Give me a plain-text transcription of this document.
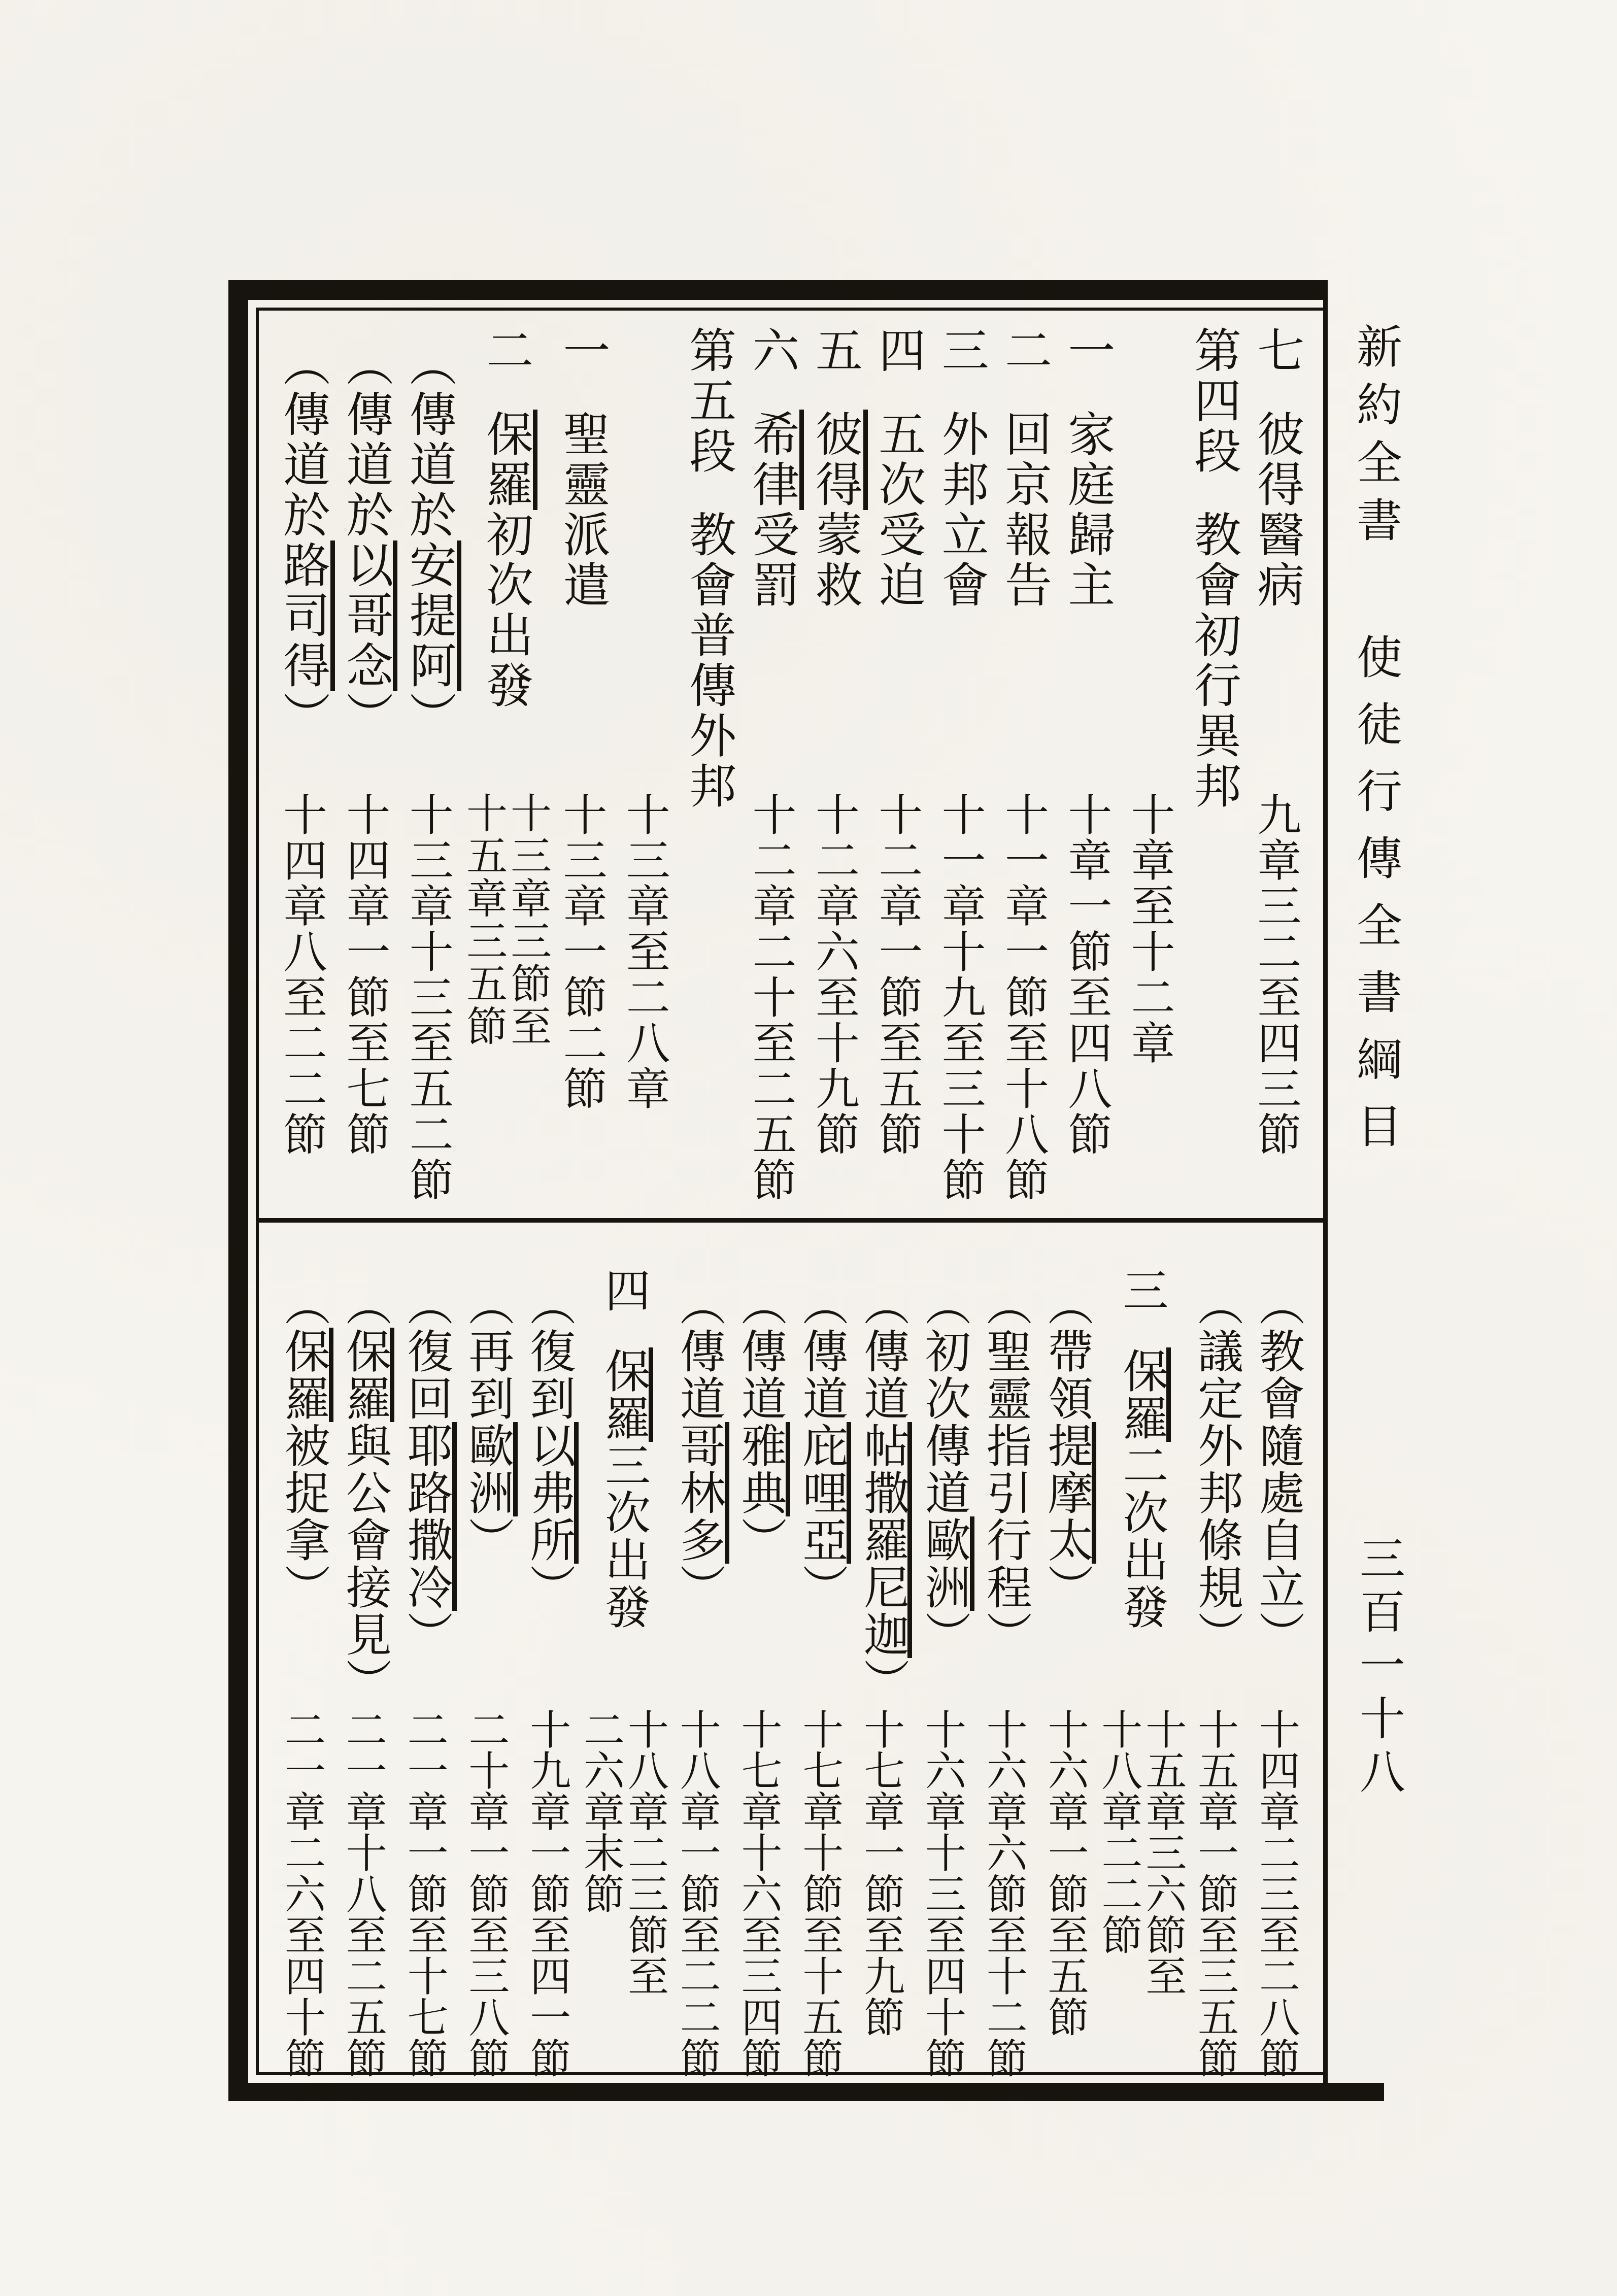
新約全書使徒行傳全書綱目
三百一十八
七彼得醫病
九章三二至四三節
第四段教會初行異邦
十章至十二章
一家庭歸主
十章一節至四八節
二回京報告
十一章一節至十八節
三外邦立會
十一章十九至三十節
四五次受迫
十二章一節至五節
五彼得蒙救
十二章六至十九節
六希律受罰
十二章二十至二五節
第五段教會普傳外邦
十三章至二八章
一聖靈派遣
十三章一節二節
二保羅初次出發
十三章三節至
十五章三五節
（傳道於安提阿）
十三章十三至五二節
（傳道於以哥念）
十四章一節至七節
（傳道於路司得）
十四章八至二二節
（教會隨處自立）
十四章二三至二八節
（議定外邦條規）
十五章一節至三五節
三保羅二次出發
十五章三六節至
十八章二二節
（帶領提摩太）
十六章一節至五節
（聖靈指引行程）
十六章六節至十二節
（初次傳道歐洲）
十六章十三至四十節
（傳道帖撒羅尼迦）
十七章一節至九節
（傳道庇哩亞）
十七章十節至十五節
（傳道雅典）
十七章十六至三四節
（傳道哥林多）
十八章一節至二二節
四保羅三次出發
十八章二三節至
二六章末節
（復到以弗所）
十九章一節至四一節
（再到歐洲）
二十章一節至三八節
（復回耶路撒冷）
二一章一節至十七節
（保羅與公會接見）
二一章十八至二五節
（保羅被捉拿）
二一章二六至四十節
